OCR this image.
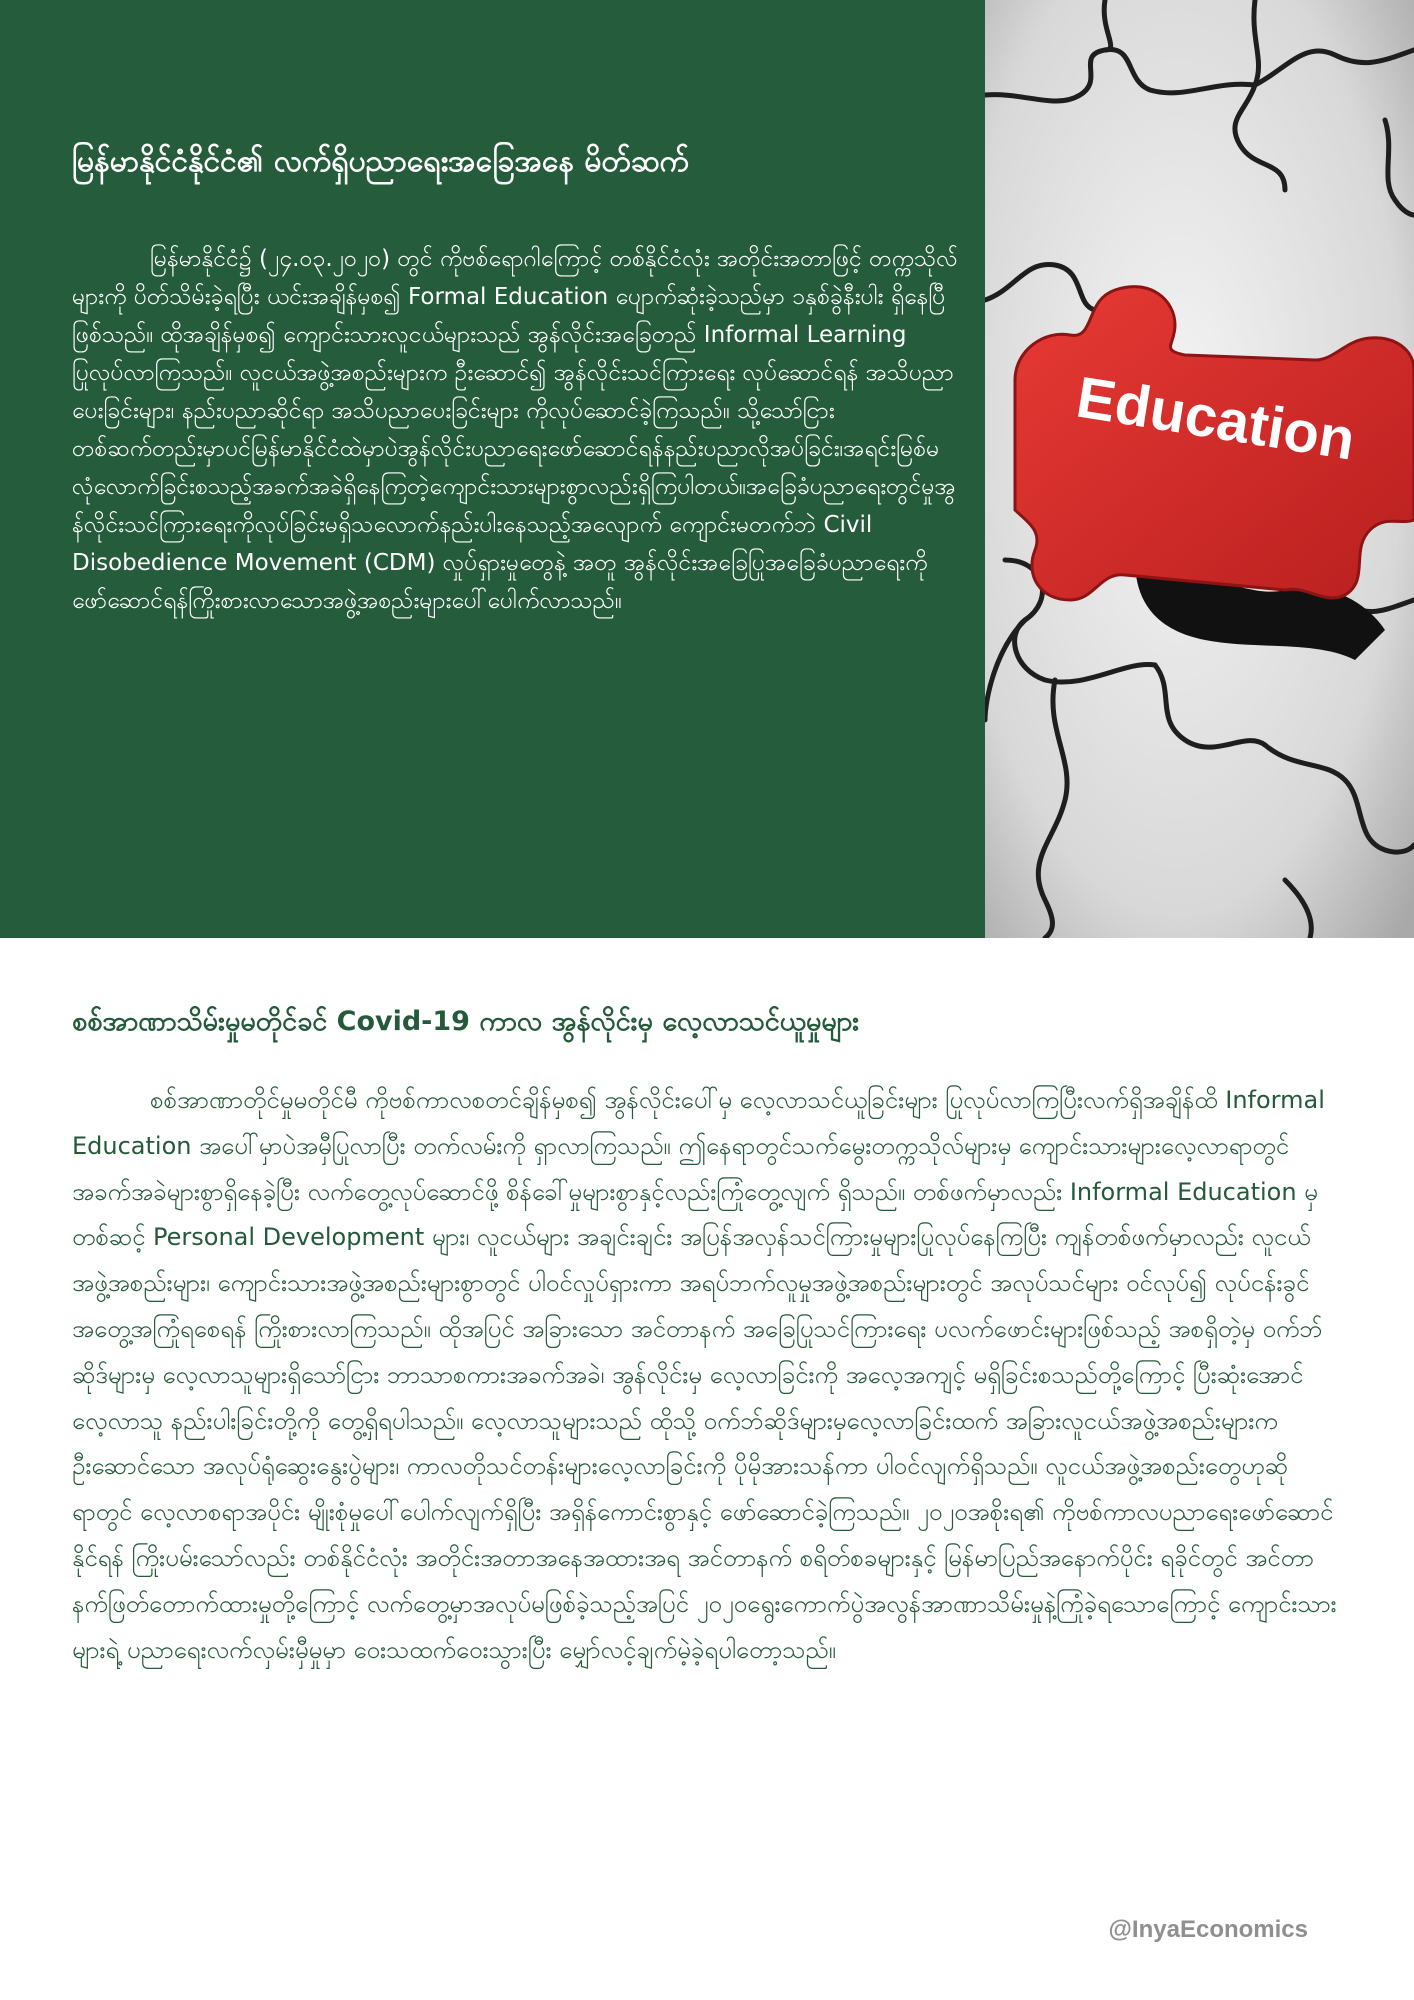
မြန်မာနိုင်ငံနိုင်ငံ၏ လက်ရှိပညာရေးအခြေအနေ မိတ်ဆက်

မြန်မာနိုင်ငံ၌ (၂၄.၀၃.၂၀၂၀) တွင် ကိုဗစ်ရောဂါကြောင့် တစ်နိုင်ငံလုံး အတိုင်းအတာဖြင့် တက္ကသိုလ်များကို ပိတ်သိမ်းခဲ့ရပြီး ယင်းအချိန်မှစ၍ Formal Education ပျောက်ဆုံးခဲ့သည်မှာ ၁နှစ်ခွဲနီးပါး ရှိနေပြီဖြစ်သည်။ ထိုအချိန်မှစ၍ ကျောင်းသားလူငယ်များသည် အွန်လိုင်းအခြေတည် Informal Learning ပြုလုပ်လာကြသည်။ လူငယ်အဖွဲ့အစည်းများက ဦးဆောင်၍ အွန်လိုင်းသင်ကြားရေး လုပ်ဆောင်ရန် အသိပညာပေးခြင်းများ၊ နည်းပညာဆိုင်ရာ အသိပညာပေးခြင်းများ ကိုလုပ်ဆောင်ခဲ့ကြသည်။ သို့သော်ငြားတစ်ဆက်တည်းမှာပင်မြန်မာနိုင်ငံထဲမှာပဲအွန်လိုင်းပညာရေးဖော်ဆောင်ရန်နည်းပညာလိုအပ်ခြင်း၊အရင်းမြစ်မလုံလောက်ခြင်းစသည့်အခက်အခဲရှိနေကြတဲ့ကျောင်းသားများစွာလည်းရှိကြပါတယ်။အခြေခံပညာရေးတွင်မှုအွန်လိုင်းသင်ကြားရေးကိုလုပ်ခြင်းမရှိသလောက်နည်းပါးနေသည့်အလျောက် ကျောင်းမတက်ဘဲ Civil Disobedience Movement (CDM) လှုပ်ရှားမှုတွေနဲ့ အတူ အွန်လိုင်းအခြေပြုအခြေခံပညာရေးကိုဖော်ဆောင်ရန်ကြိုးစားလာသောအဖွဲ့အစည်းများပေါ်ပေါက်လာသည်။

Education
စစ်အာဏာသိမ်းမှုမတိုင်ခင် Covid-19 ကာလ အွန်လိုင်းမှ လေ့လာသင်ယူမှုများ

စစ်အာဏာတိုင်မှုမတိုင်မီ ကိုဗစ်ကာလစတင်ချိန်မှစ၍ အွန်လိုင်းပေါ်မှ လေ့လာသင်ယူခြင်းများ ပြုလုပ်လာကြပြီးလက်ရှိအချိန်ထိ Informal Education အပေါ်မှာပဲအမှီပြုလာပြီး တက်လမ်းကို ရှာလာကြသည်။ ဤနေရာတွင်သက်မွေးတက္ကသိုလ်များမှ ကျောင်းသားများလေ့လာရာတွင် အခက်အခဲများစွာရှိနေခဲ့ပြီး လက်တွေ့လုပ်ဆောင်ဖို့ စိန်ခေါ်မှုများစွာနှင့်လည်းကြုံတွေ့လျက် ရှိသည်။ တစ်ဖက်မှာလည်း Informal Education မှတစ်ဆင့် Personal Development များ၊ လူငယ်များ အချင်းချင်း အပြန်အလှန်သင်ကြားမှုများပြုလုပ်နေကြပြီး ကျန်တစ်ဖက်မှာလည်း လူငယ်အဖွဲ့အစည်းများ၊ ကျောင်းသားအဖွဲ့အစည်းများစွာတွင် ပါဝင်လှုပ်ရှားကာ အရပ်ဘက်လူမှုအဖွဲ့အစည်းများတွင် အလုပ်သင်များ ဝင်လုပ်၍ လုပ်ငန်းခွင်အတွေ့အကြုံရစေရန် ကြိုးစားလာကြသည်။ ထိုအပြင် အခြားသော အင်တာနက် အခြေပြုသင်ကြားရေး ပလက်ဖောင်းများဖြစ်သည့် အစရှိတဲ့မှ ဝက်ဘ်ဆိုဒ်များမှ လေ့လာသူများရှိသော်ငြား ဘာသာစကားအခက်အခဲ၊ အွန်လိုင်းမှ လေ့လာခြင်းကို အလေ့အကျင့် မရှိခြင်းစသည်တို့ကြောင့် ပြီးဆုံးအောင် လေ့လာသူ နည်းပါးခြင်းတို့ကို တွေ့ရှိရပါသည်။ လေ့လာသူများသည် ထိုသို့ ဝက်ဘ်ဆိုဒ်များမှလေ့လာခြင်းထက် အခြားလူငယ်အဖွဲ့အစည်းများက ဦးဆောင်သော အလုပ်ရုံဆွေးနွေးပွဲများ၊ ကာလတိုသင်တန်းများလေ့လာခြင်းကို ပိုမိုအားသန်ကာ ပါဝင်လျက်ရှိသည်။ လူငယ်အဖွဲ့အစည်းတွေဟုဆိုရာတွင် လေ့လာစရာအပိုင်း မျိုးစုံမှုပေါ်ပေါက်လျက်ရှိပြီး အရှိန်ကောင်းစွာနှင့် ဖော်ဆောင်ခဲ့ကြသည်။ ၂၀၂၀အစိုးရ၏ ကိုဗစ်ကာလပညာရေးဖော်ဆောင်နိုင်ရန် ကြိုးပမ်းသော်လည်း တစ်နိုင်ငံလုံး အတိုင်းအတာအနေအထားအရ အင်တာနက် စရိတ်စခများနှင့် မြန်မာပြည်အနောက်ပိုင်း ရခိုင်တွင် အင်တာနက်ဖြတ်တောက်ထားမှုတို့ကြောင့် လက်တွေ့မှာအလုပ်မဖြစ်ခဲ့သည့်အပြင် ၂၀၂၀ရွေးကောက်ပွဲအလွန်အာဏာသိမ်းမှုနဲ့ကြုံခဲ့ရသောကြောင့် ကျောင်းသားများရဲ့ ပညာရေးလက်လှမ်းမှီမှုမှာ ဝေးသထက်ဝေးသွားပြီး မျှော်လင့်ချက်မဲ့ခဲ့ရပါတော့သည်။

@InyaEconomics
